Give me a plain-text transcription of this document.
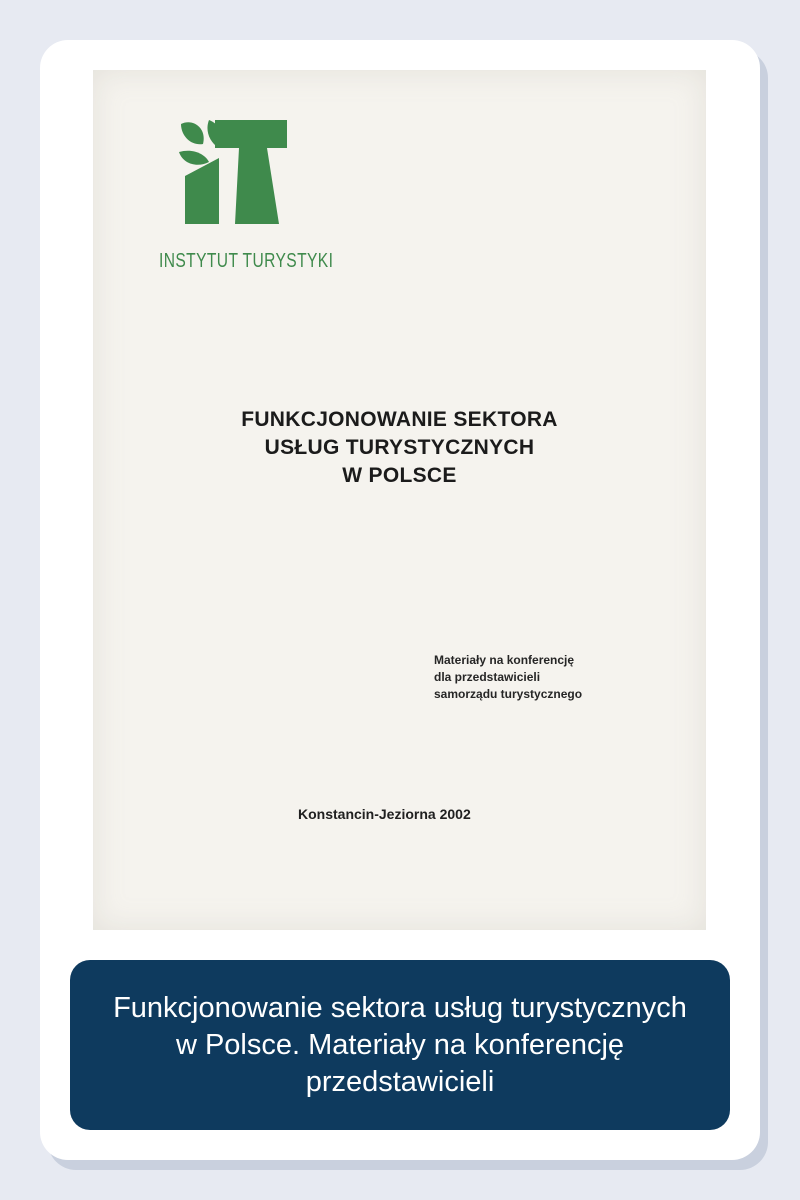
INSTYTUT TURYSTYKI
FUNKCJONOWANIE SEKTORA
USŁUG TURYSTYCZNYCH
W POLSCE
Materiały na konferencję
dla przedstawicieli
samorządu turystycznego
Konstancin-Jeziorna 2002
Funkcjonowanie sektora usług turystycznych w Polsce. Materiały na konferencję przedstawicieli
